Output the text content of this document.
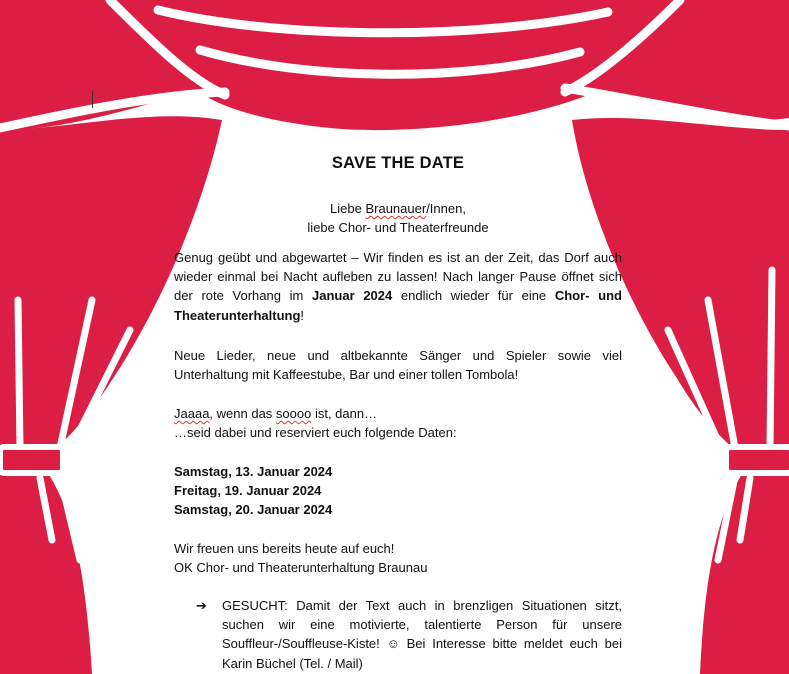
SAVE THE DATE
Liebe Braunauer/Innen,
liebe Chor- und Theaterfreunde
Genug geübt und abgewartet – Wir finden es ist an der Zeit, das Dorf auch wieder einmal bei Nacht aufleben zu lassen! Nach langer Pause öffnet sich der rote Vorhang im Januar 2024 endlich wieder für eine Chor- und Theaterunterhaltung!
Neue Lieder, neue und altbekannte Sänger und Spieler sowie viel Unterhaltung mit Kaffeestube, Bar und einer tollen Tombola!
Jaaaa, wenn das soooo ist, dann…
…seid dabei und reserviert euch folgende Daten:
Samstag, 13. Januar 2024
Freitag, 19. Januar 2024
Samstag, 20. Januar 2024
Wir freuen uns bereits heute auf euch!
OK Chor- und Theaterunterhaltung Braunau
➔ GESUCHT: Damit der Text auch in brenzligen Situationen sitzt, suchen wir eine motivierte, talentierte Person für unsere Souffleur-/Souffleuse-Kiste! ☺ Bei Interesse bitte meldet euch bei Karin Büchel (Tel. / Mail)
